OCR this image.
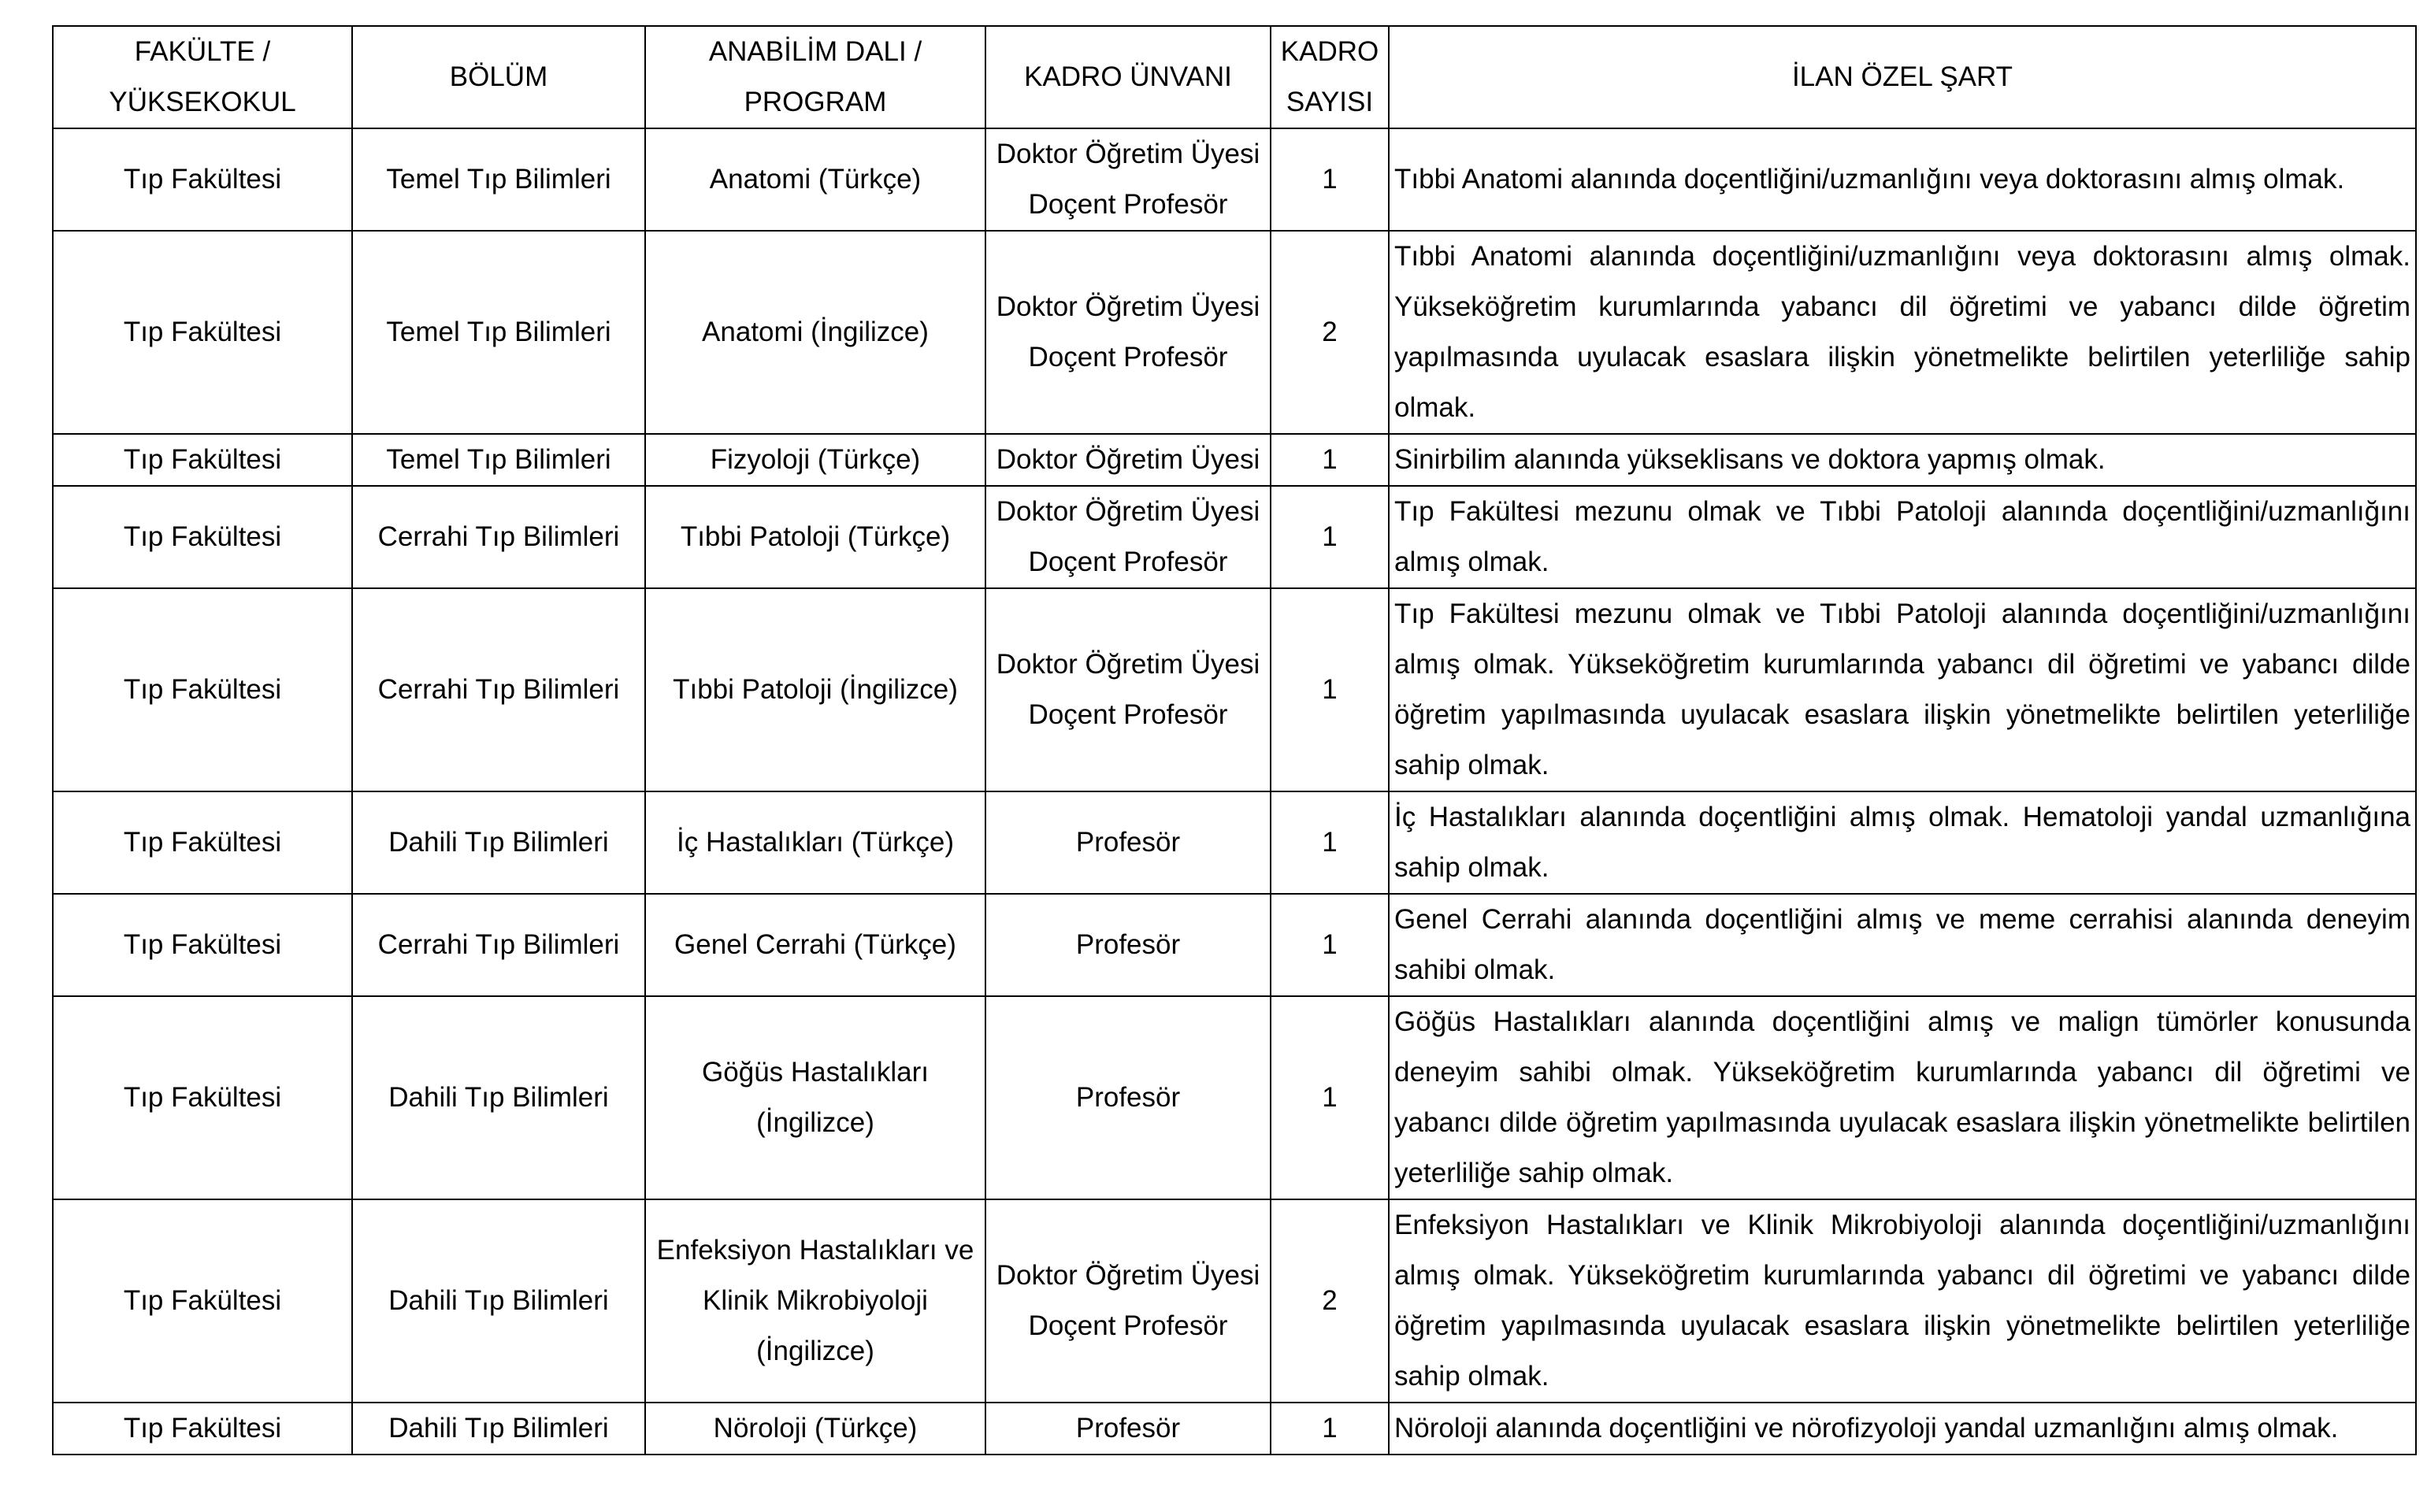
FAKÜLTE / YÜKSEKOKUL	BÖLÜM	ANABİLİM DALI / PROGRAM	KADRO ÜNVANI	KADRO SAYISI	İLAN ÖZEL ŞART
Tıp Fakültesi	Temel Tıp Bilimleri	Anatomi (Türkçe)	Doktor Öğretim Üyesi Doçent Profesör	1	Tıbbi Anatomi alanında doçentliğini/uzmanlığını veya doktorasını almış olmak.
Tıp Fakültesi	Temel Tıp Bilimleri	Anatomi (İngilizce)	Doktor Öğretim Üyesi Doçent Profesör	2	Tıbbi Anatomi alanında doçentliğini/uzmanlığını veya doktorasını almış olmak. Yükseköğretim kurumlarında yabancı dil öğretimi ve yabancı dilde öğretim yapılmasında uyulacak esaslara ilişkin yönetmelikte belirtilen yeterliliğe sahip olmak.
Tıp Fakültesi	Temel Tıp Bilimleri	Fizyoloji (Türkçe)	Doktor Öğretim Üyesi	1	Sinirbilim alanında yükseklisans ve doktora yapmış olmak.
Tıp Fakültesi	Cerrahi Tıp Bilimleri	Tıbbi Patoloji (Türkçe)	Doktor Öğretim Üyesi Doçent Profesör	1	Tıp Fakültesi mezunu olmak ve Tıbbi Patoloji alanında doçentliğini/uzmanlığını almış olmak.
Tıp Fakültesi	Cerrahi Tıp Bilimleri	Tıbbi Patoloji (İngilizce)	Doktor Öğretim Üyesi Doçent Profesör	1	Tıp Fakültesi mezunu olmak ve Tıbbi Patoloji alanında doçentliğini/uzmanlığını almış olmak. Yükseköğretim kurumlarında yabancı dil öğretimi ve yabancı dilde öğretim yapılmasında uyulacak esaslara ilişkin yönetmelikte belirtilen yeterliliğe sahip olmak.
Tıp Fakültesi	Dahili Tıp Bilimleri	İç Hastalıkları (Türkçe)	Profesör	1	İç Hastalıkları alanında doçentliğini almış olmak. Hematoloji yandal uzmanlığına sahip olmak.
Tıp Fakültesi	Cerrahi Tıp Bilimleri	Genel Cerrahi (Türkçe)	Profesör	1	Genel Cerrahi alanında doçentliğini almış ve meme cerrahisi alanında deneyim sahibi olmak.
Tıp Fakültesi	Dahili Tıp Bilimleri	Göğüs Hastalıkları (İngilizce)	Profesör	1	Göğüs Hastalıkları alanında doçentliğini almış ve malign tümörler konusunda deneyim sahibi olmak. Yükseköğretim kurumlarında yabancı dil öğretimi ve yabancı dilde öğretim yapılmasında uyulacak esaslara ilişkin yönetmelikte belirtilen yeterliliğe sahip olmak.
Tıp Fakültesi	Dahili Tıp Bilimleri	Enfeksiyon Hastalıkları ve Klinik Mikrobiyoloji (İngilizce)	Doktor Öğretim Üyesi Doçent Profesör	2	Enfeksiyon Hastalıkları ve Klinik Mikrobiyoloji alanında doçentliğini/uzmanlığını almış olmak. Yükseköğretim kurumlarında yabancı dil öğretimi ve yabancı dilde öğretim yapılmasında uyulacak esaslara ilişkin yönetmelikte belirtilen yeterliliğe sahip olmak.
Tıp Fakültesi	Dahili Tıp Bilimleri	Nöroloji (Türkçe)	Profesör	1	Nöroloji alanında doçentliğini ve nörofizyoloji yandal uzmanlığını almış olmak.
